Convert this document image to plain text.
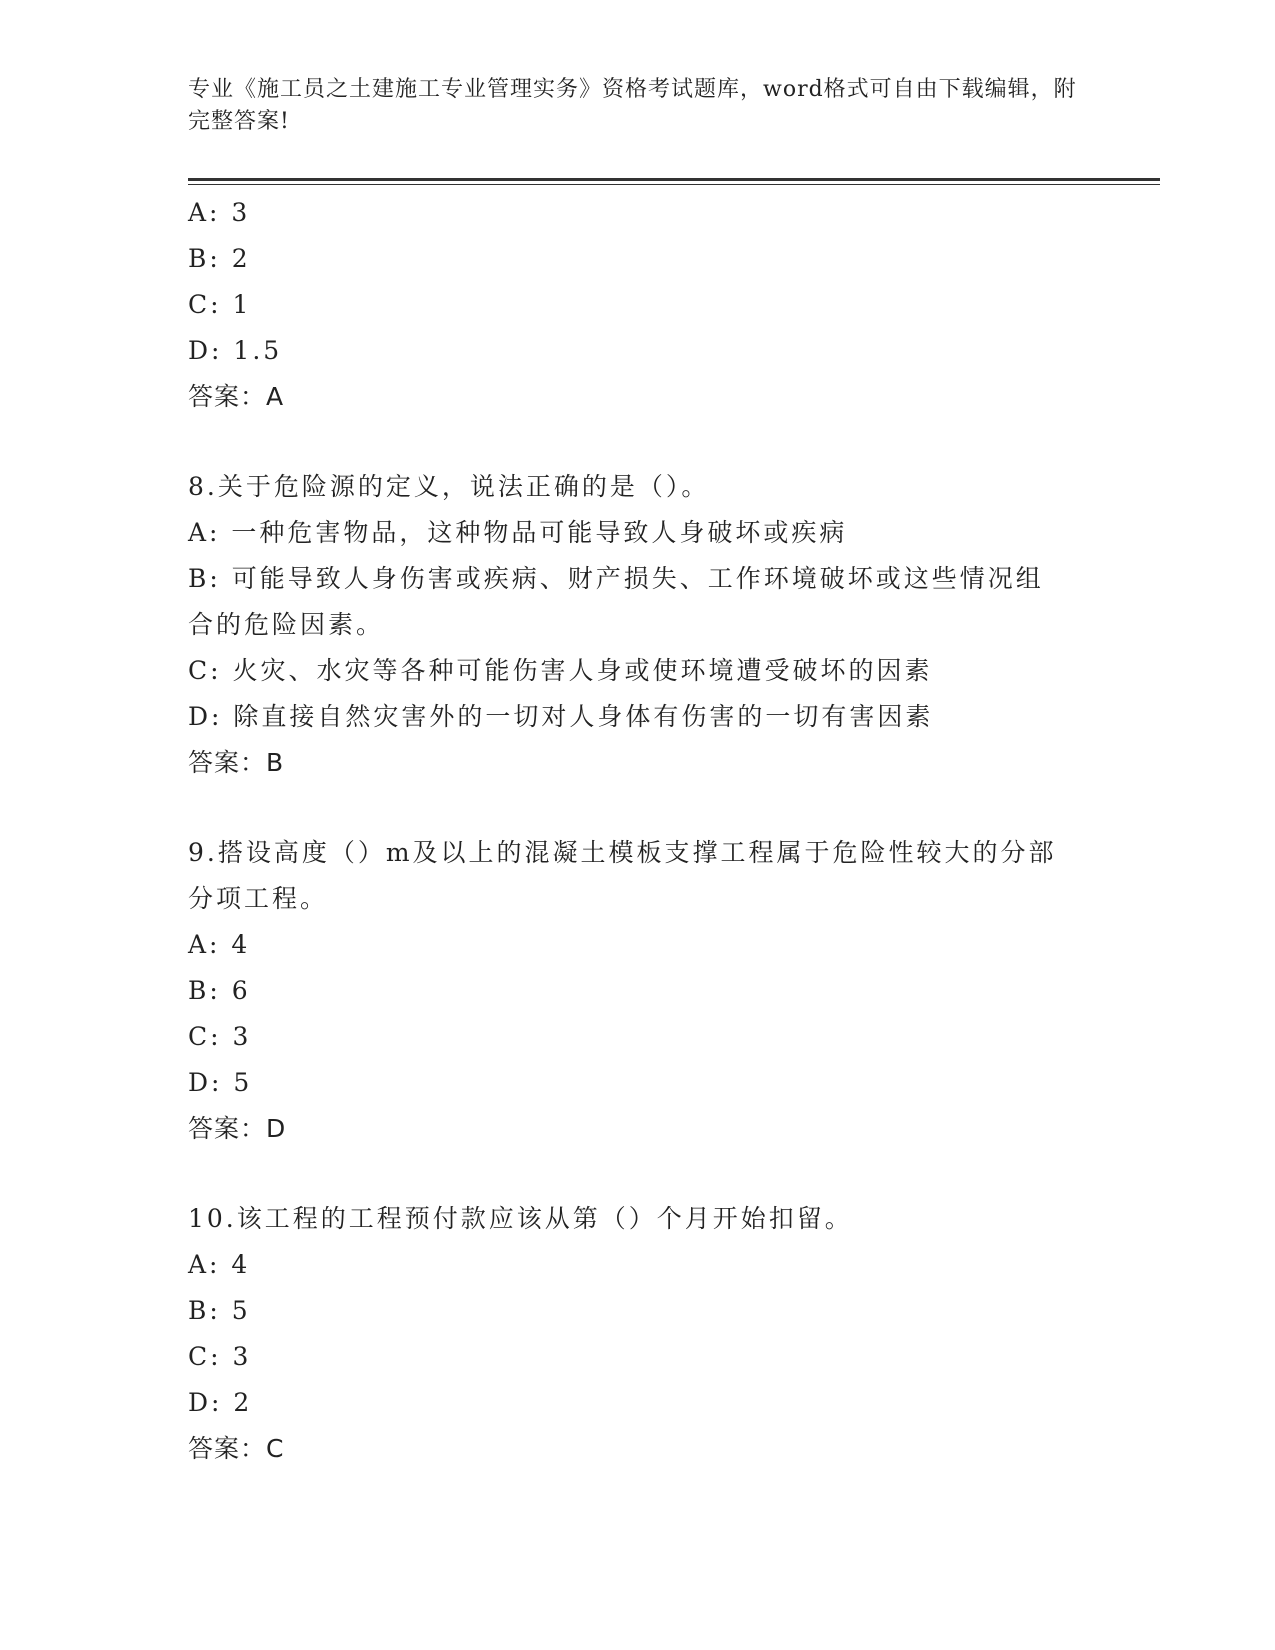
专业《施工员之土建施工专业管理实务》资格考试题库，word格式可自由下载编辑，附完整答案!
A: 3
B: 2
C: 1
D: 1.5
答案：A
8.关于危险源的定义，说法正确的是（）。
A: 一种危害物品，这种物品可能导致人身破坏或疾病
B: 可能导致人身伤害或疾病、财产损失、工作环境破坏或这些情况组合的危险因素。
C: 火灾、水灾等各种可能伤害人身或使环境遭受破坏的因素
D: 除直接自然灾害外的一切对人身体有伤害的一切有害因素
答案：B
9.搭设高度（）m及以上的混凝土模板支撑工程属于危险性较大的分部分项工程。
A: 4
B: 6
C: 3
D: 5
答案：D
10.该工程的工程预付款应该从第（）个月开始扣留。
A: 4
B: 5
C: 3
D: 2
答案：C
